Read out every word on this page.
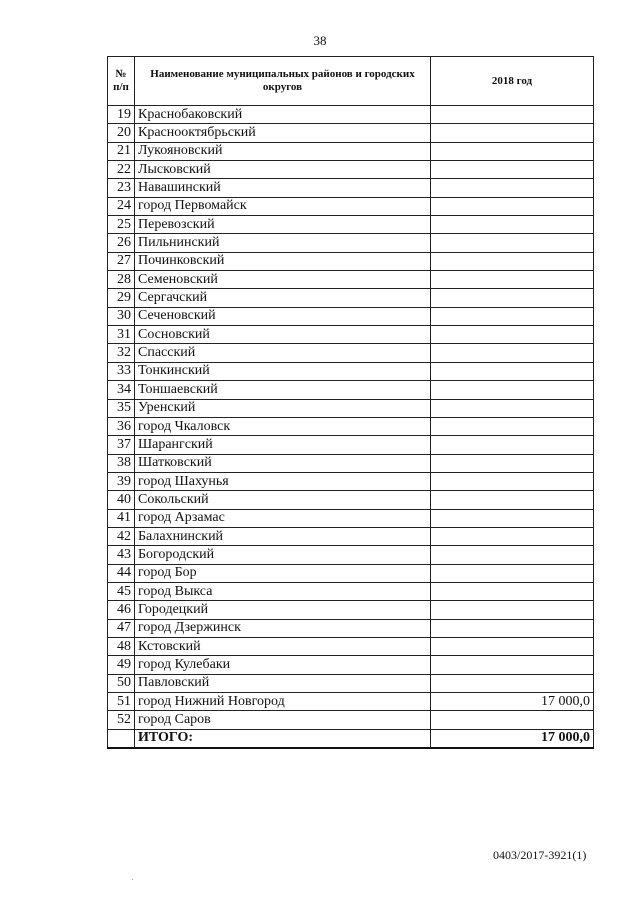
38
№ п/п	Наименование муниципальных районов и городских округов	2018 год
19	Краснобаковский	
20	Краснооктябрьский	
21	Лукояновский	
22	Лысковский	
23	Навашинский	
24	город Первомайск	
25	Перевозский	
26	Пильнинский	
27	Починковский	
28	Семеновский	
29	Сергачский	
30	Сеченовский	
31	Сосновский	
32	Спасский	
33	Тонкинский	
34	Тоншаевский	
35	Уренский	
36	город Чкаловск	
37	Шарангский	
38	Шатковский	
39	город Шахунья	
40	Сокольский	
41	город Арзамас	
42	Балахнинский	
43	Богородский	
44	город Бор	
45	город Выкса	
46	Городецкий	
47	город Дзержинск	
48	Кстовский	
49	город Кулебаки	
50	Павловский	
51	город Нижний Новгород	17 000,0
52	город Саров	
	ИТОГО:	17 000,0
0403/2017-3921(1)
